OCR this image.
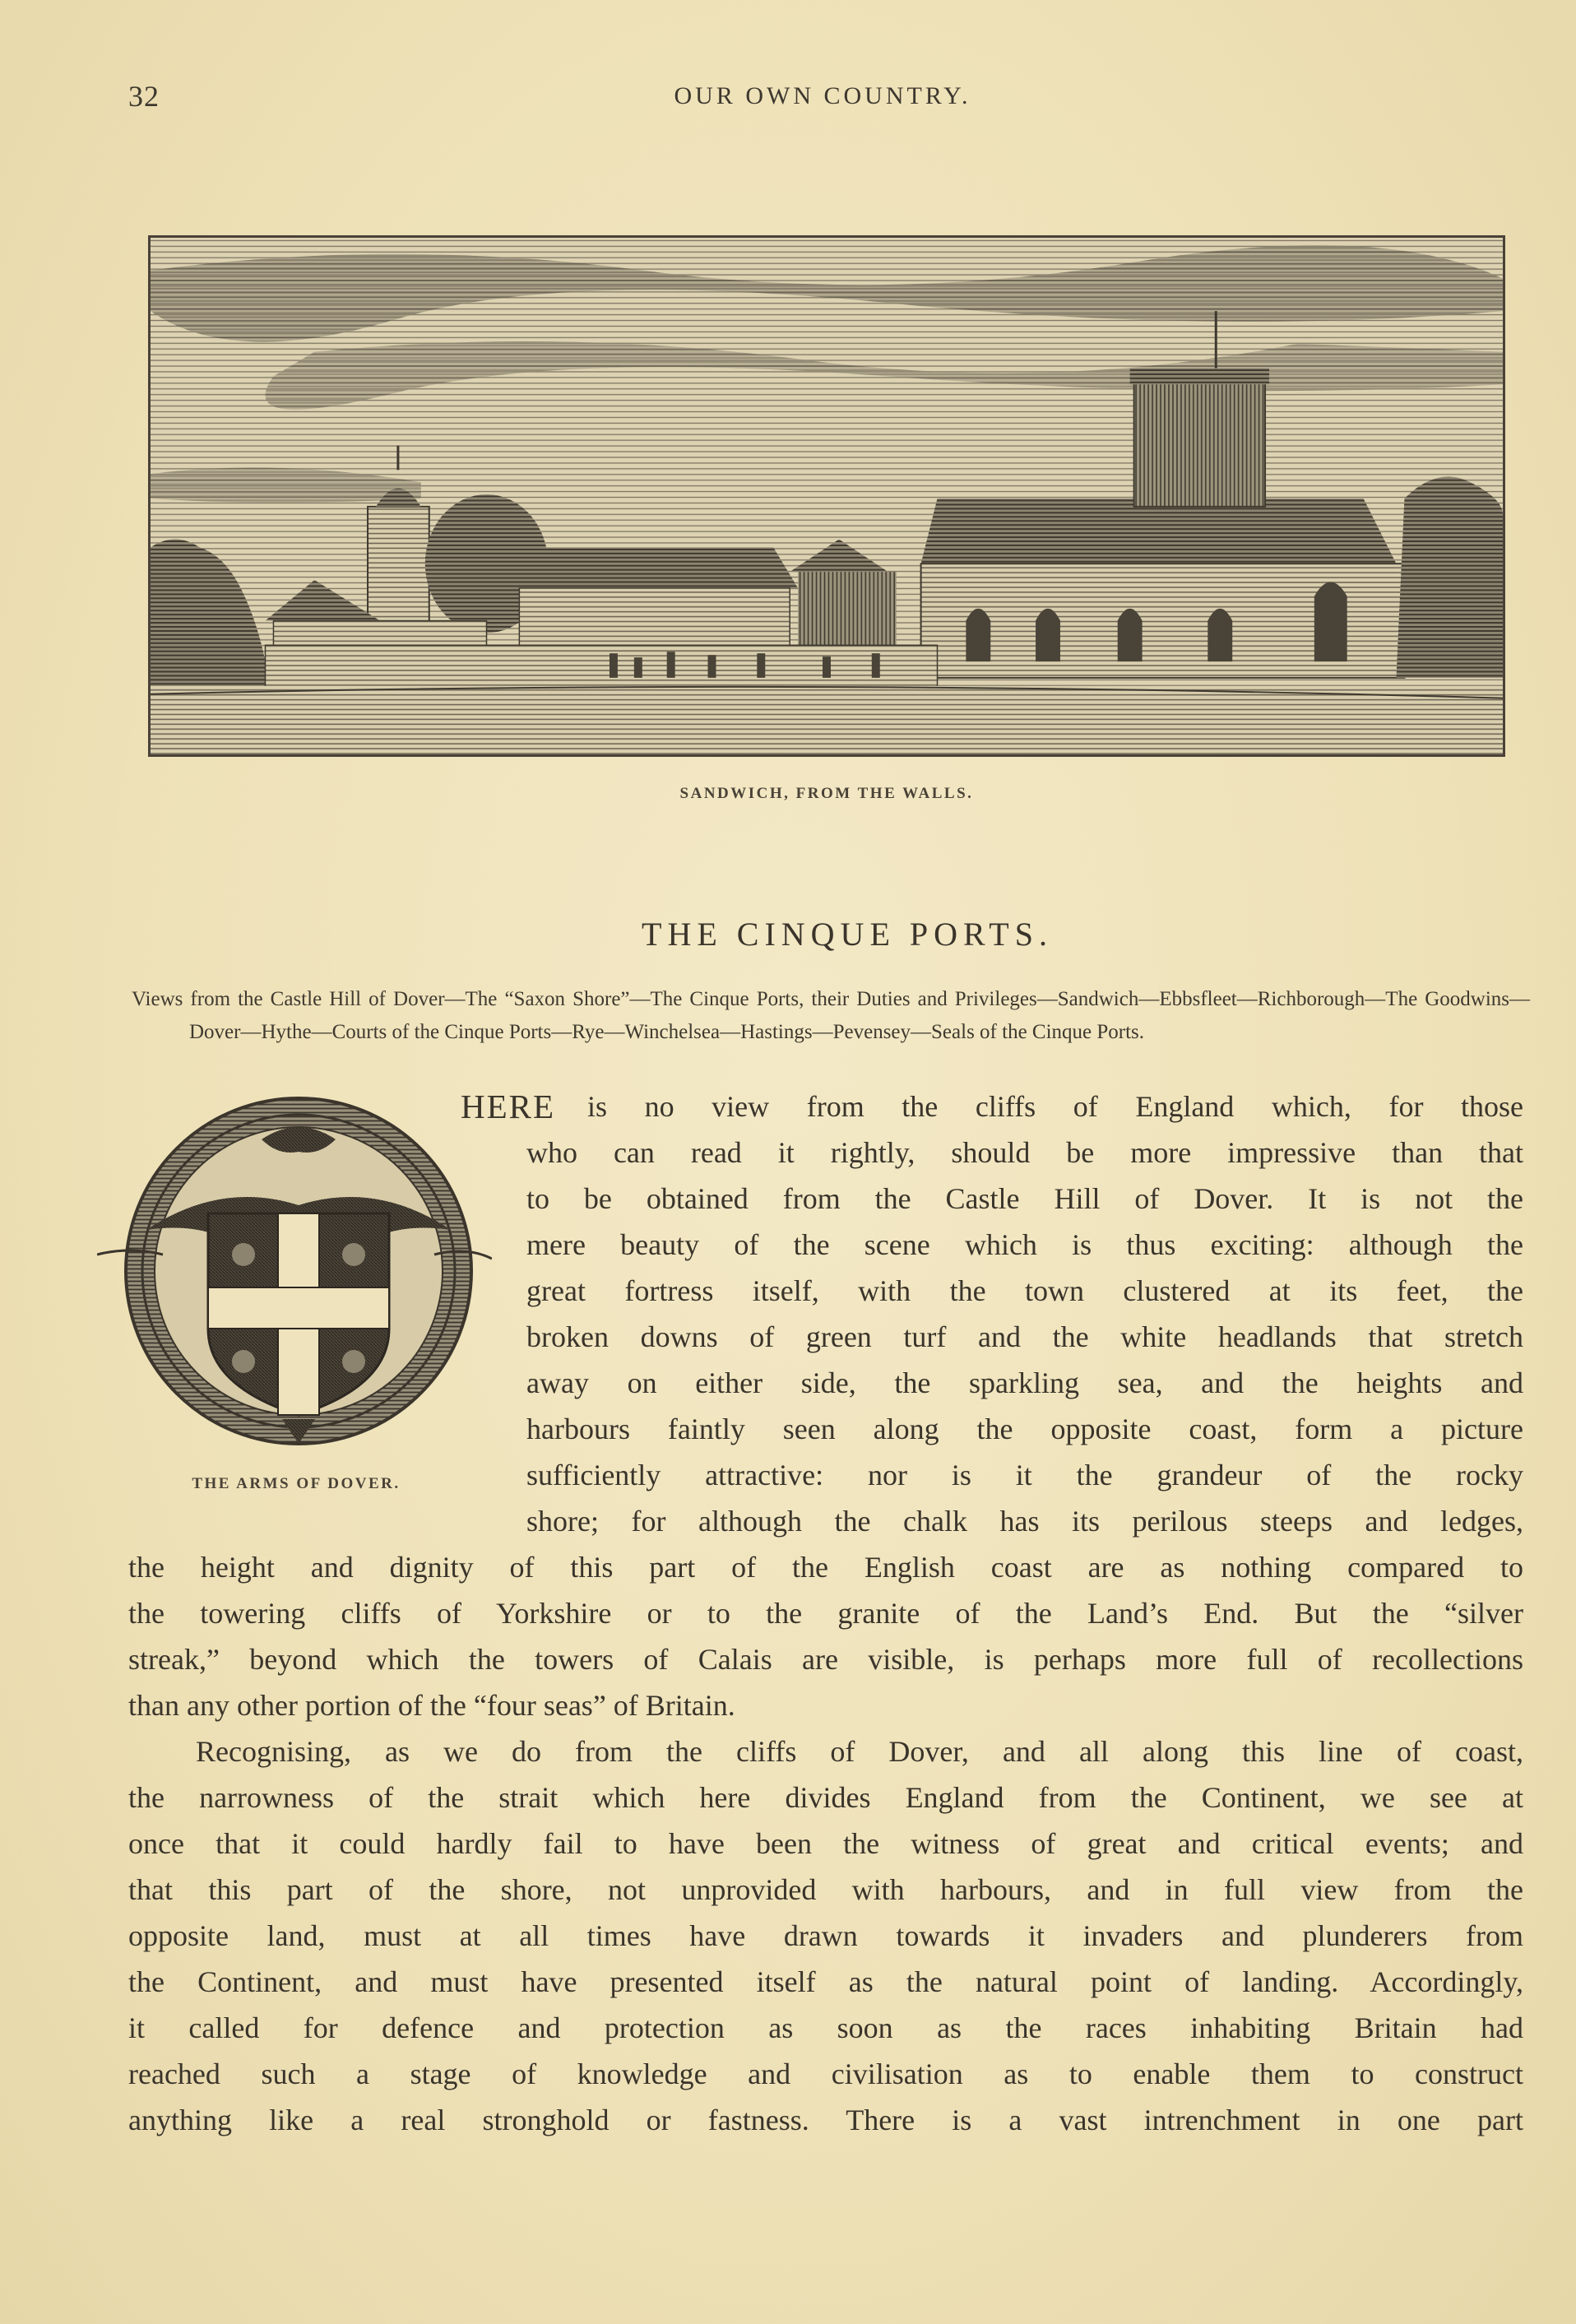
32	OUR OWN COUNTRY.
SANDWICH, FROM THE WALLS.
THE CINQUE PORTS.
Views from the Castle Hill of Dover—The “Saxon Shore”—The Cinque Ports, their Duties and Privileges—Sandwich—Ebbsfleet—Richborough—The Goodwins—Dover—Hythe—Courts of the Cinque Ports—Rye—Winchelsea—Hastings—Pevensey—Seals of the Cinque Ports.
THE ARMS OF DOVER.
HERE is no view from the cliffs of England which, for those
who can read it rightly, should be more impressive than that
to be obtained from the Castle Hill of Dover. It is not the
mere beauty of the scene which is thus exciting: although the
great fortress itself, with the town clustered at its feet, the
broken downs of green turf and the white headlands that stretch
away on either side, the sparkling sea, and the heights and
harbours faintly seen along the opposite coast, form a picture
sufficiently attractive: nor is it the grandeur of the rocky
shore; for although the chalk has its perilous steeps and ledges,
the height and dignity of this part of the English coast are as nothing compared to
the towering cliffs of Yorkshire or to the granite of the Land’s End. But the “silver
streak,” beyond which the towers of Calais are visible, is perhaps more full of recollections
than any other portion of the “four seas” of Britain.
Recognising, as we do from the cliffs of Dover, and all along this line of coast,
the narrowness of the strait which here divides England from the Continent, we see at
once that it could hardly fail to have been the witness of great and critical events; and
that this part of the shore, not unprovided with harbours, and in full view from the
opposite land, must at all times have drawn towards it invaders and plunderers from
the Continent, and must have presented itself as the natural point of landing. Accordingly,
it called for defence and protection as soon as the races inhabiting Britain had
reached such a stage of knowledge and civilisation as to enable them to construct
anything like a real stronghold or fastness. There is a vast intrenchment in one part
